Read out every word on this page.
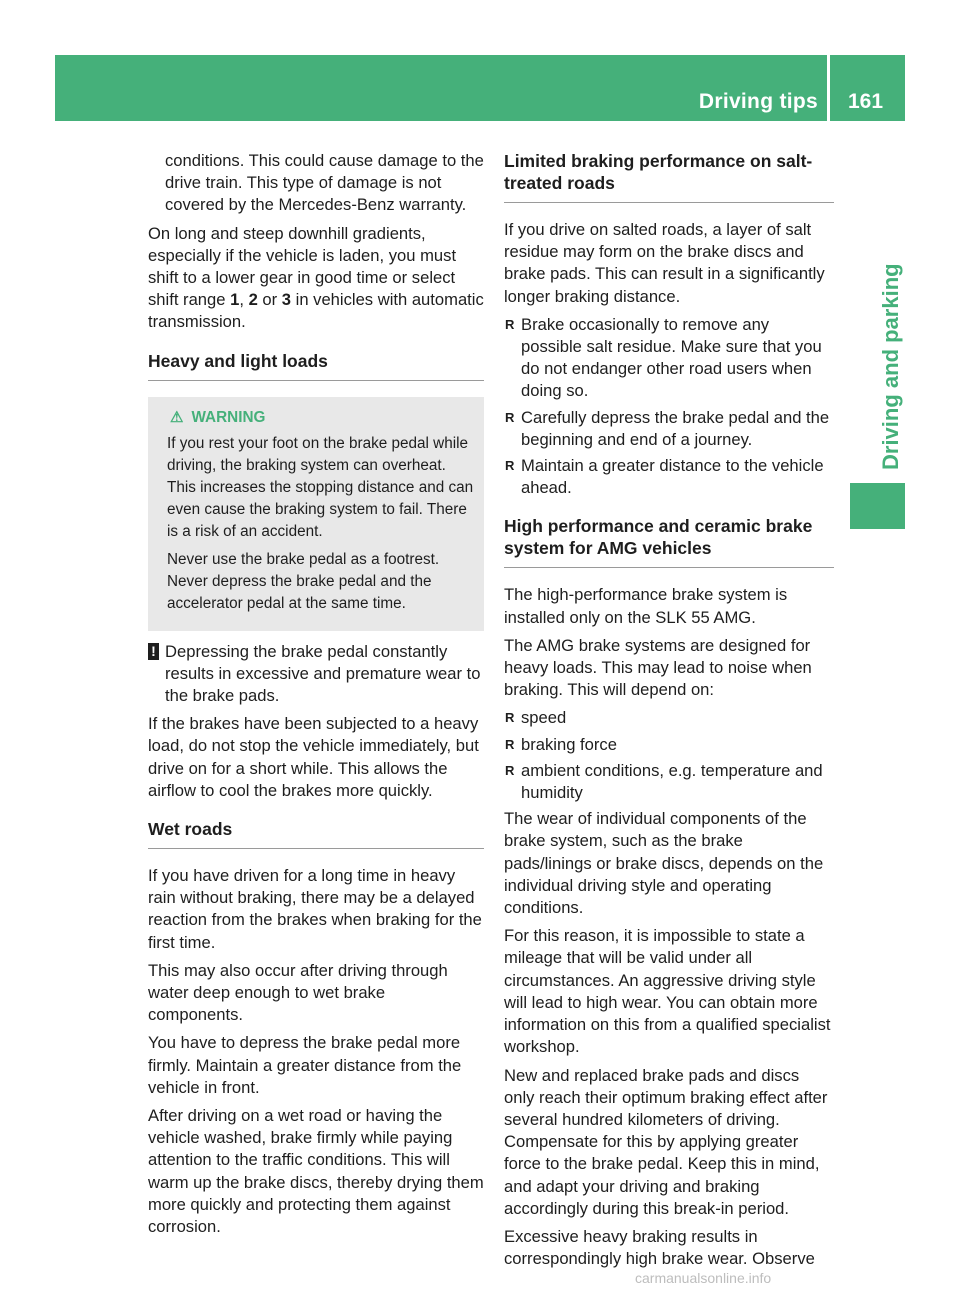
Driving tips 161
Driving and parking

conditions. This could cause damage to the drive train. This type of damage is not covered by the Mercedes-Benz warranty.

On long and steep downhill gradients, especially if the vehicle is laden, you must shift to a lower gear in good time or select shift range 1, 2 or 3 in vehicles with automatic transmission.

Heavy and light loads
⚠ WARNING

If you rest your foot on the brake pedal while driving, the braking system can overheat. This increases the stopping distance and can even cause the braking system to fail. There is a risk of an accident.

Never use the brake pedal as a footrest. Never depress the brake pedal and the accelerator pedal at the same time.

! Depressing the brake pedal constantly results in excessive and premature wear to the brake pads.

If the brakes have been subjected to a heavy load, do not stop the vehicle immediately, but drive on for a short while. This allows the airflow to cool the brakes more quickly.

Wet roads

If you have driven for a long time in heavy rain without braking, there may be a delayed reaction from the brakes when braking for the first time.

This may also occur after driving through water deep enough to wet brake components.

You have to depress the brake pedal more firmly. Maintain a greater distance from the vehicle in front.

After driving on a wet road or having the vehicle washed, brake firmly while paying attention to the traffic conditions. This will warm up the brake discs, thereby drying them more quickly and protecting them against corrosion.

Limited braking performance on salt-treated roads

If you drive on salted roads, a layer of salt residue may form on the brake discs and brake pads. This can result in a significantly longer braking distance.

R Brake occasionally to remove any possible salt residue. Make sure that you do not endanger other road users when doing so.
R Carefully depress the brake pedal and the beginning and end of a journey.
R Maintain a greater distance to the vehicle ahead.
High performance and ceramic brake system for AMG vehicles

The high-performance brake system is installed only on the SLK 55 AMG.

The AMG brake systems are designed for heavy loads. This may lead to noise when braking. This will depend on:

R speed
R braking force
R ambient conditions, e.g. temperature and humidity

The wear of individual components of the brake system, such as the brake pads/linings or brake discs, depends on the individual driving style and operating conditions.

For this reason, it is impossible to state a mileage that will be valid under all circumstances. An aggressive driving style will lead to high wear. You can obtain more information on this from a qualified specialist workshop.

New and replaced brake pads and discs only reach their optimum braking effect after several hundred kilometers of driving. Compensate for this by applying greater force to the brake pedal. Keep this in mind, and adapt your driving and braking accordingly during this break-in period.

Excessive heavy braking results in correspondingly high brake wear. Observe

carmanualsonline.info
